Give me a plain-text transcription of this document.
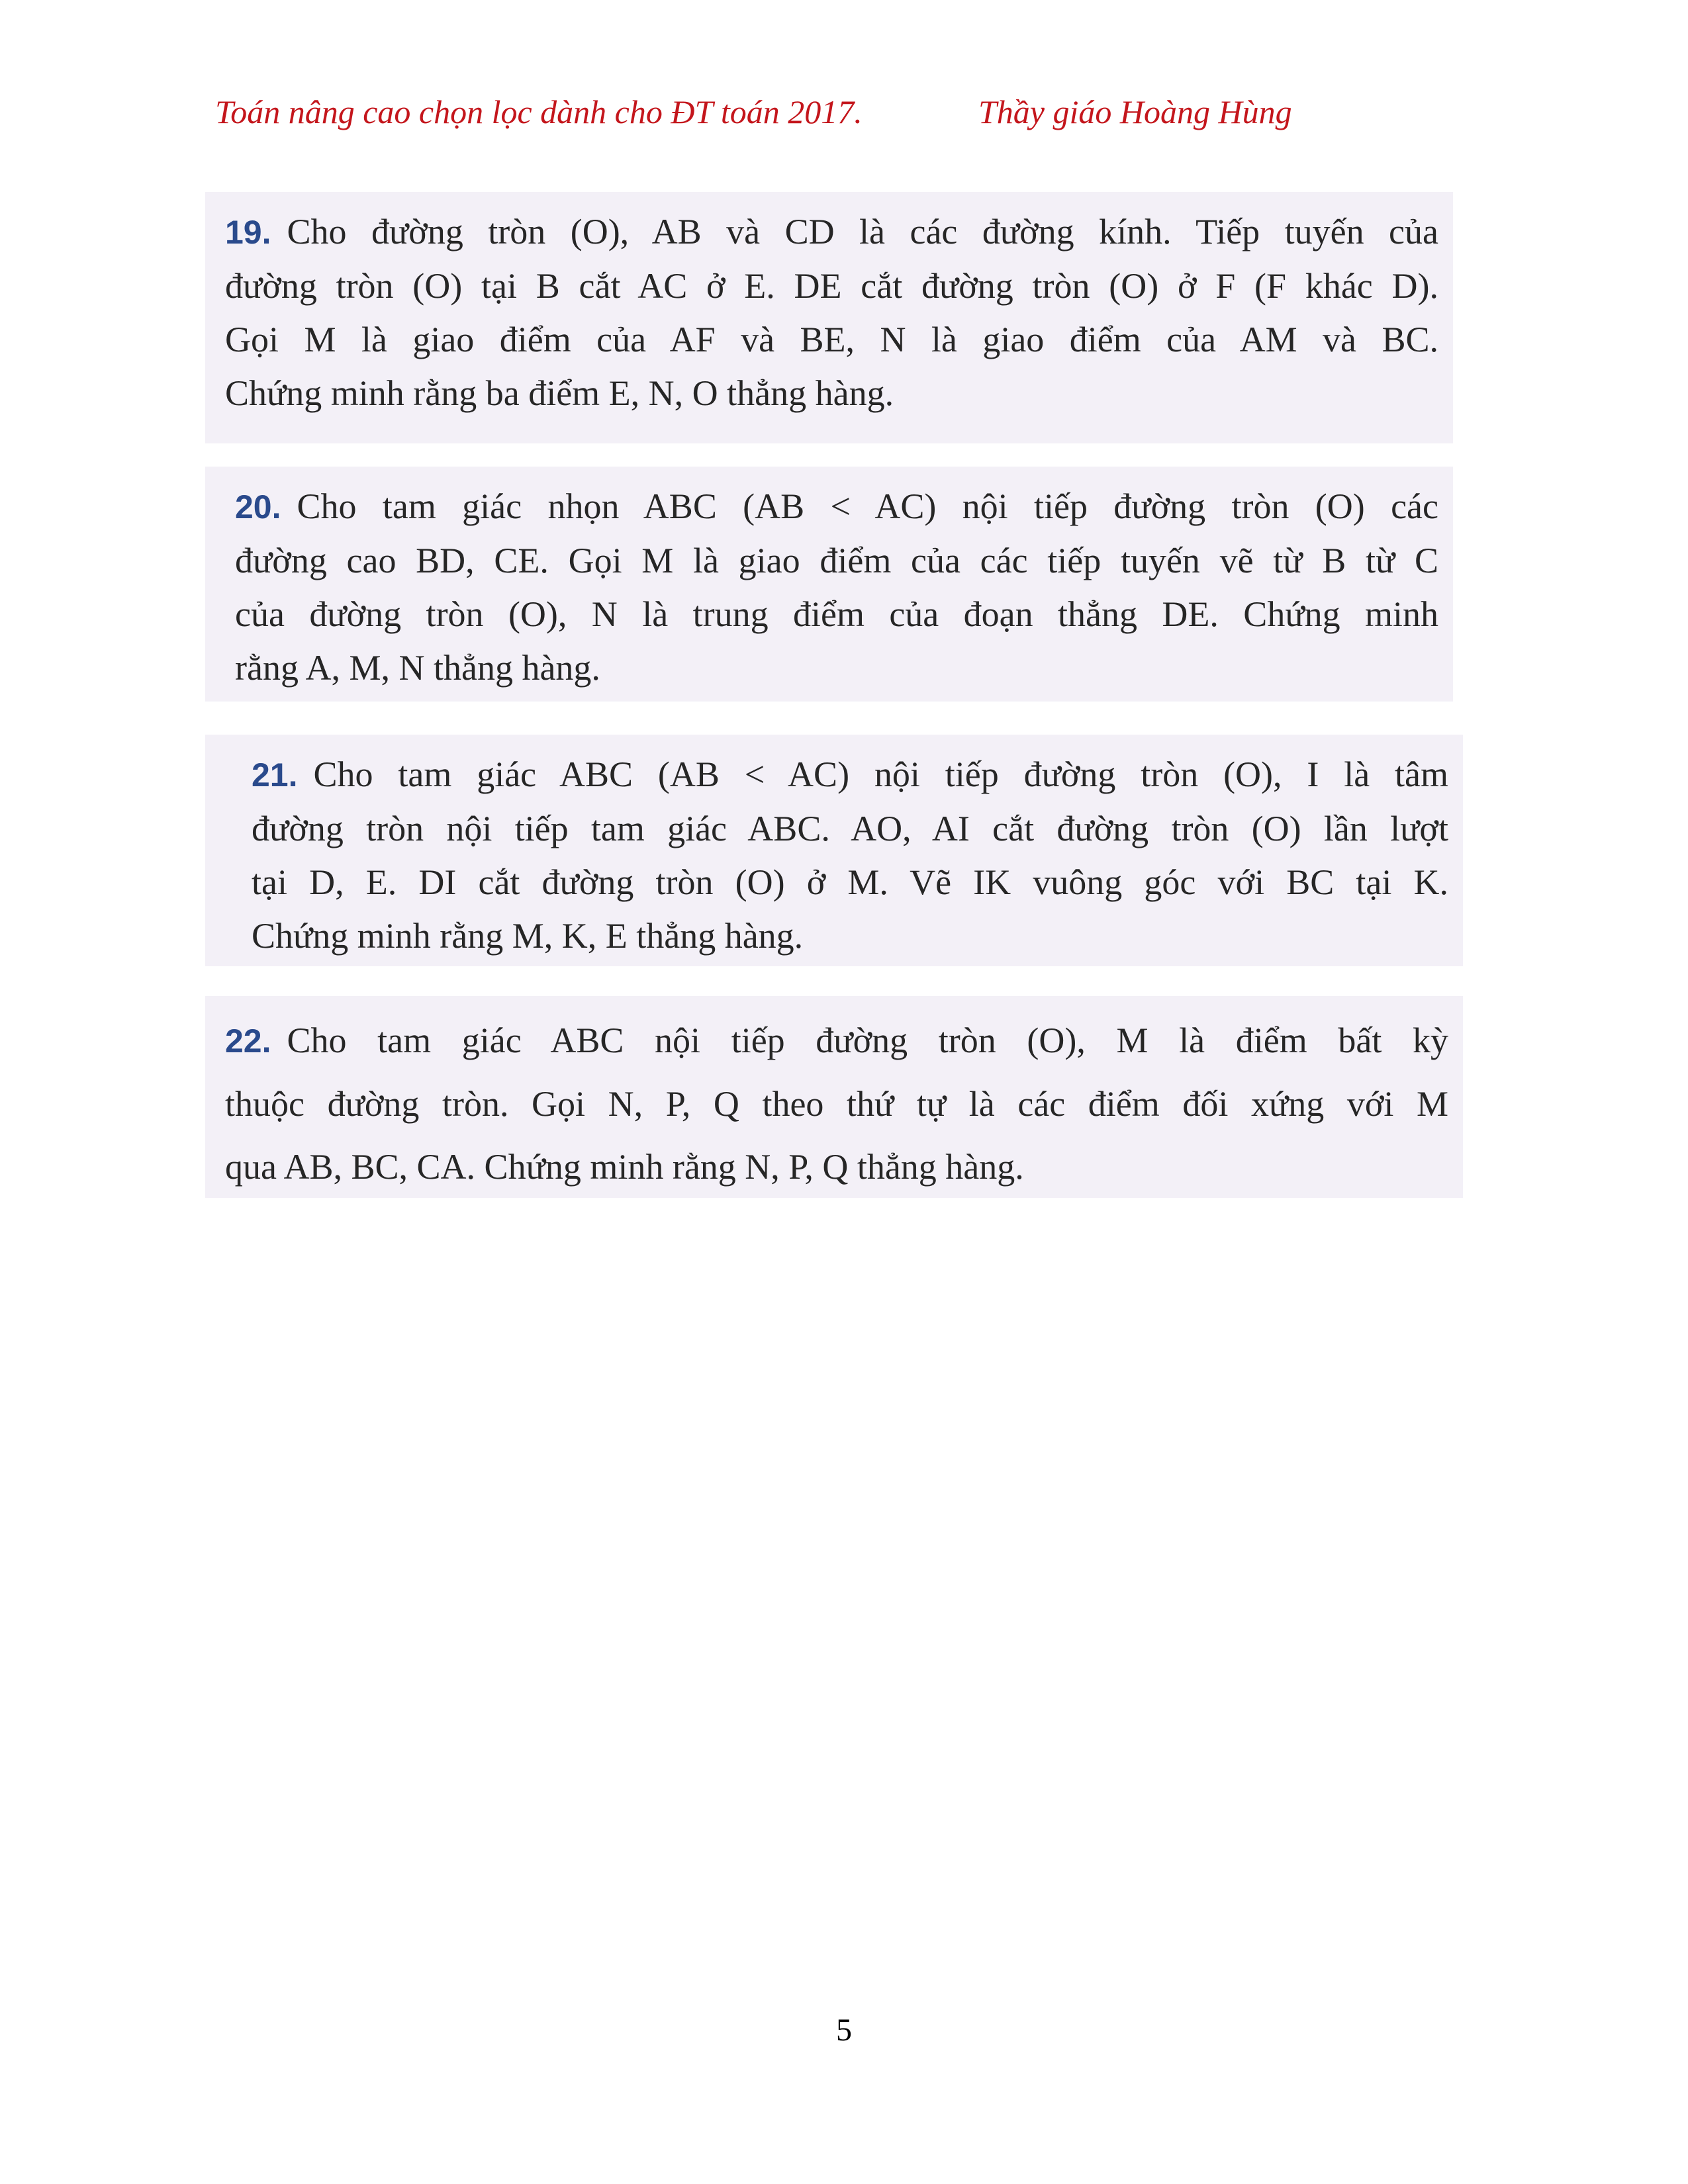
Toán nâng cao chọn lọc dành cho ĐT toán 2017.	Thầy giáo Hoàng Hùng
19. Cho đường tròn (O), AB và CD là các đường kính. Tiếp tuyến của
đường tròn (O) tại B cắt AC ở E. DE cắt đường tròn (O) ở F (F khác D).
Gọi M là giao điểm của AF và BE, N là giao điểm của AM và BC.
Chứng minh rằng ba điểm E, N, O thẳng hàng.
20. Cho tam giác nhọn ABC (AB < AC) nội tiếp đường tròn (O) các
đường cao BD, CE. Gọi M là giao điểm của các tiếp tuyến vẽ từ B từ C
của đường tròn (O), N là trung điểm của đoạn thẳng DE. Chứng minh
rằng A, M, N thẳng hàng.
21. Cho tam giác ABC (AB < AC) nội tiếp đường tròn (O), I là tâm
đường tròn nội tiếp tam giác ABC. AO, AI cắt đường tròn (O) lần lượt
tại D, E. DI cắt đường tròn (O) ở M. Vẽ IK vuông góc với BC tại K.
Chứng minh rằng M, K, E thẳng hàng.
22. Cho tam giác ABC nội tiếp đường tròn (O), M là điểm bất kỳ
thuộc đường tròn. Gọi N, P, Q theo thứ tự là các điểm đối xứng với M
qua AB, BC, CA. Chứng minh rằng N, P, Q thẳng hàng.
5
